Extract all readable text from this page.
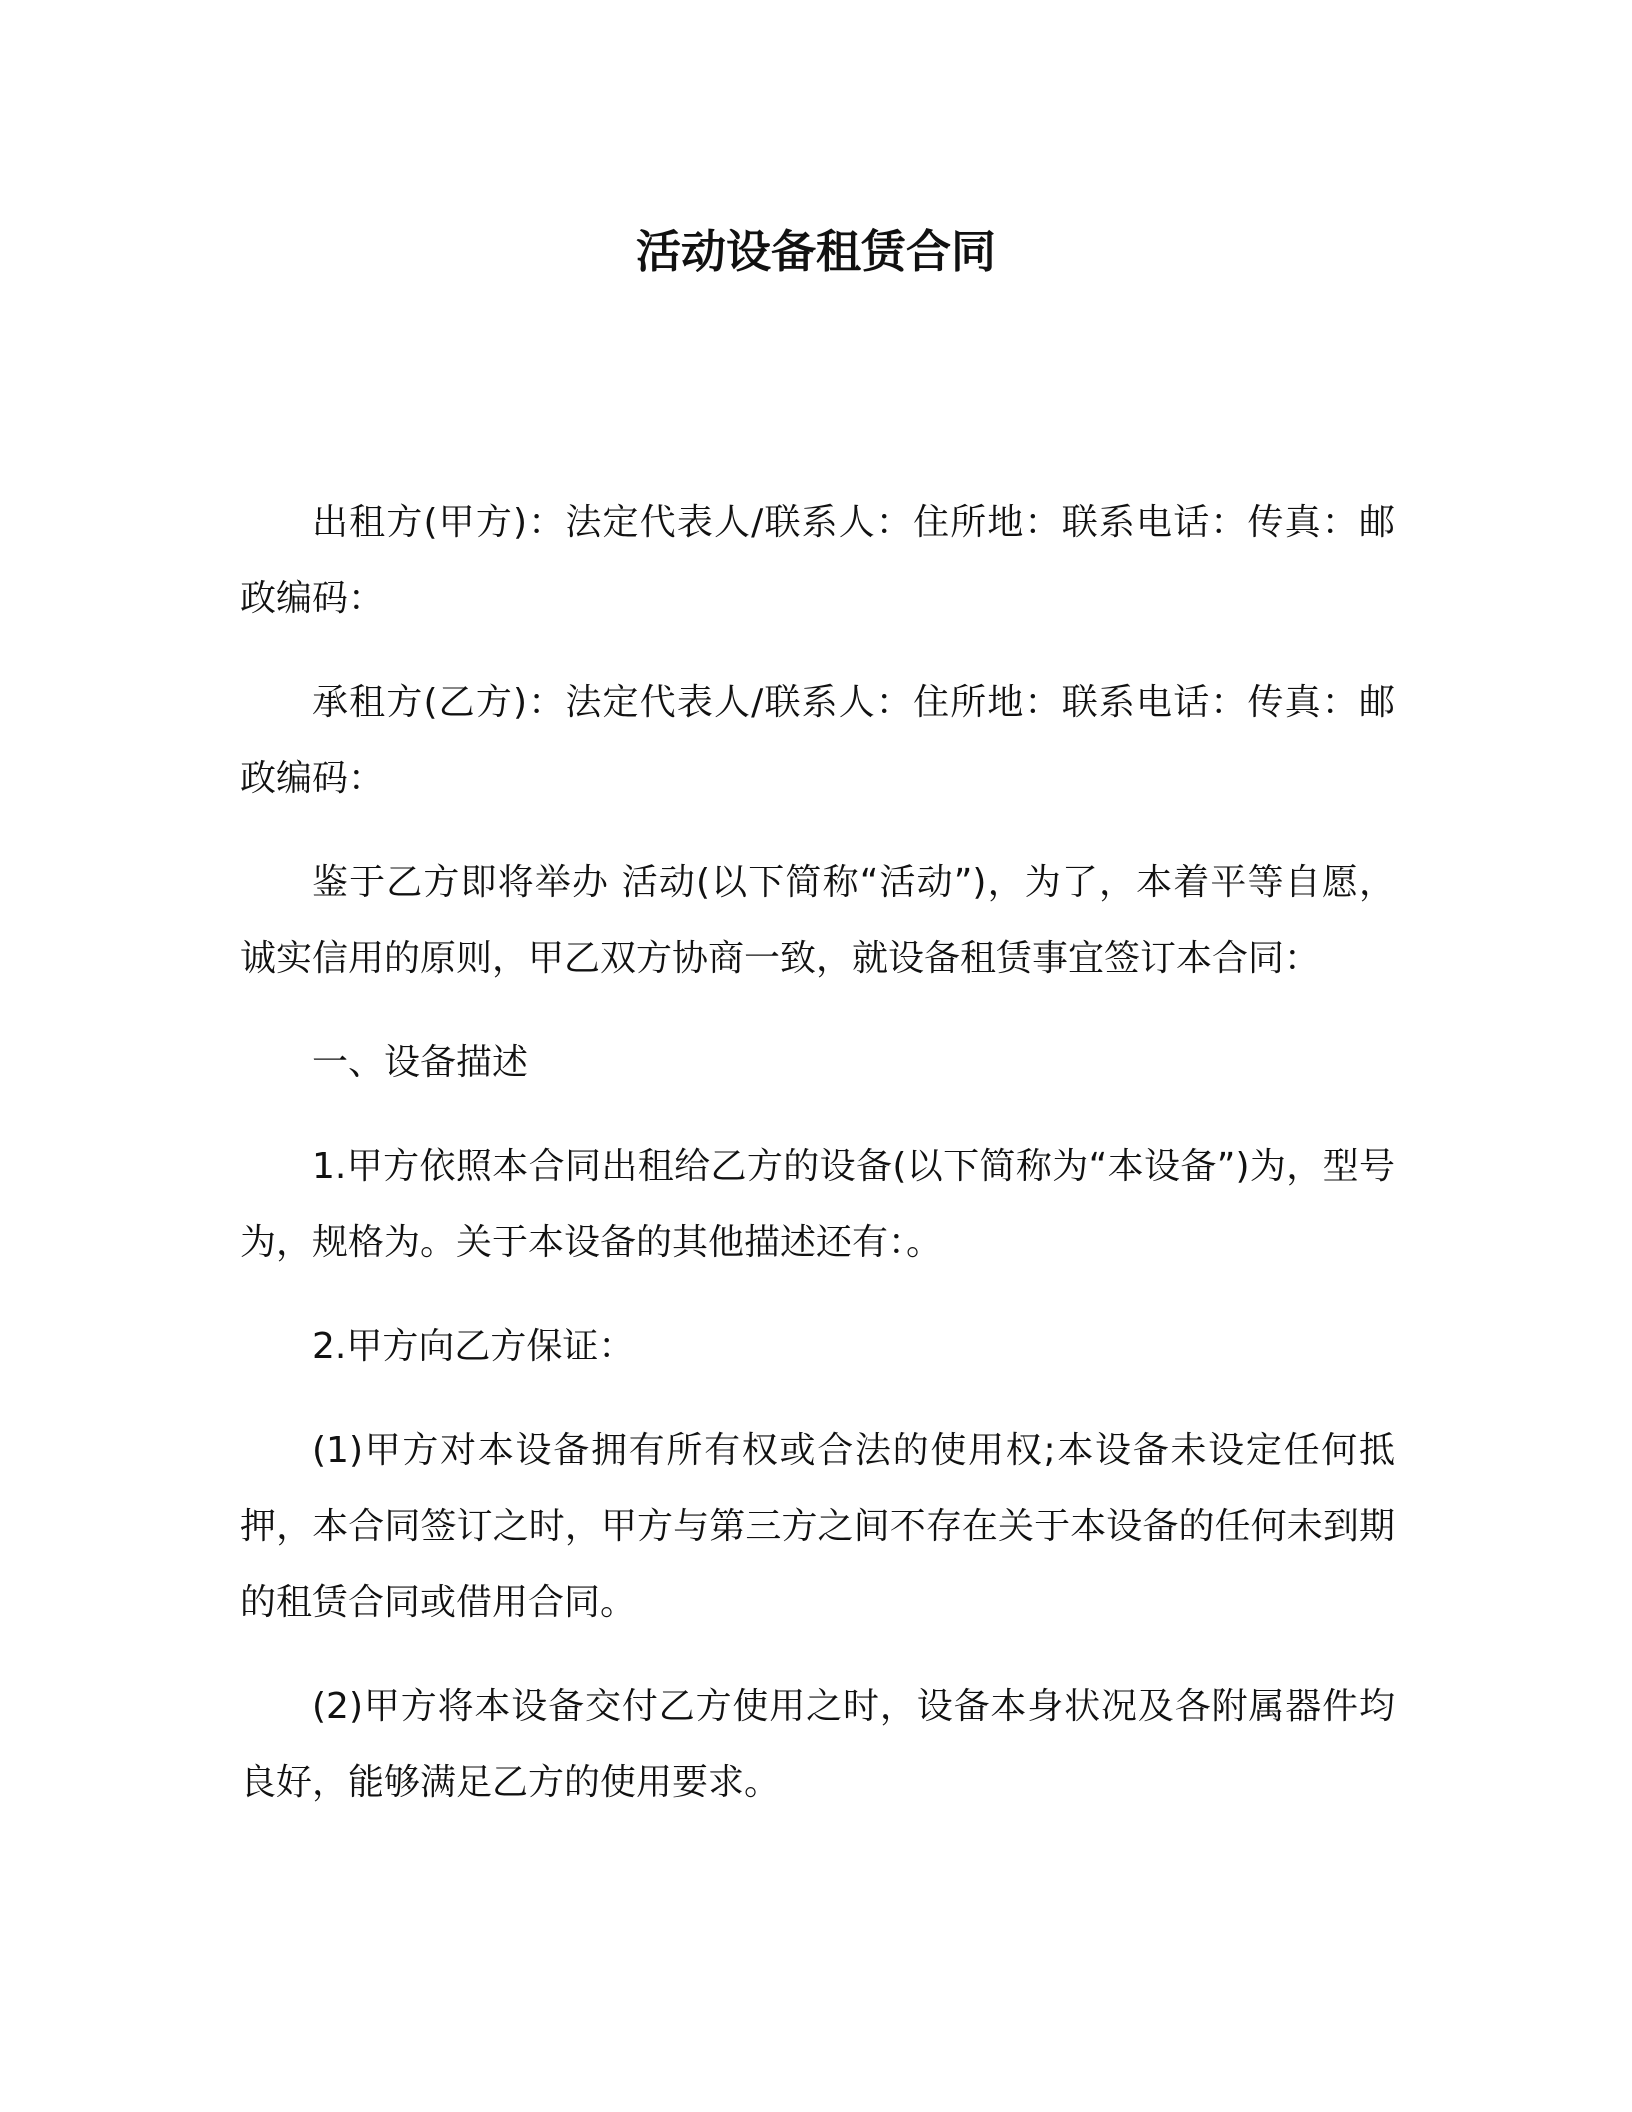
活动设备租赁合同

出租方(甲方)：法定代表人/联系人：住所地：联系电话：传真：邮政编码：

承租方(乙方)：法定代表人/联系人：住所地：联系电话：传真：邮政编码：

鉴于乙方即将举办 活动(以下简称“活动”)，为了，本着平等自愿，诚实信用的原则，甲乙双方协商一致，就设备租赁事宜签订本合同：

一、设备描述

1.甲方依照本合同出租给乙方的设备(以下简称为“本设备”)为，型号为，规格为。关于本设备的其他描述还有：。

2.甲方向乙方保证：

(1)甲方对本设备拥有所有权或合法的使用权;本设备未设定任何抵押，本合同签订之时，甲方与第三方之间不存在关于本设备的任何未到期的租赁合同或借用合同。

(2)甲方将本设备交付乙方使用之时，设备本身状况及各附属器件均良好，能够满足乙方的使用要求。
